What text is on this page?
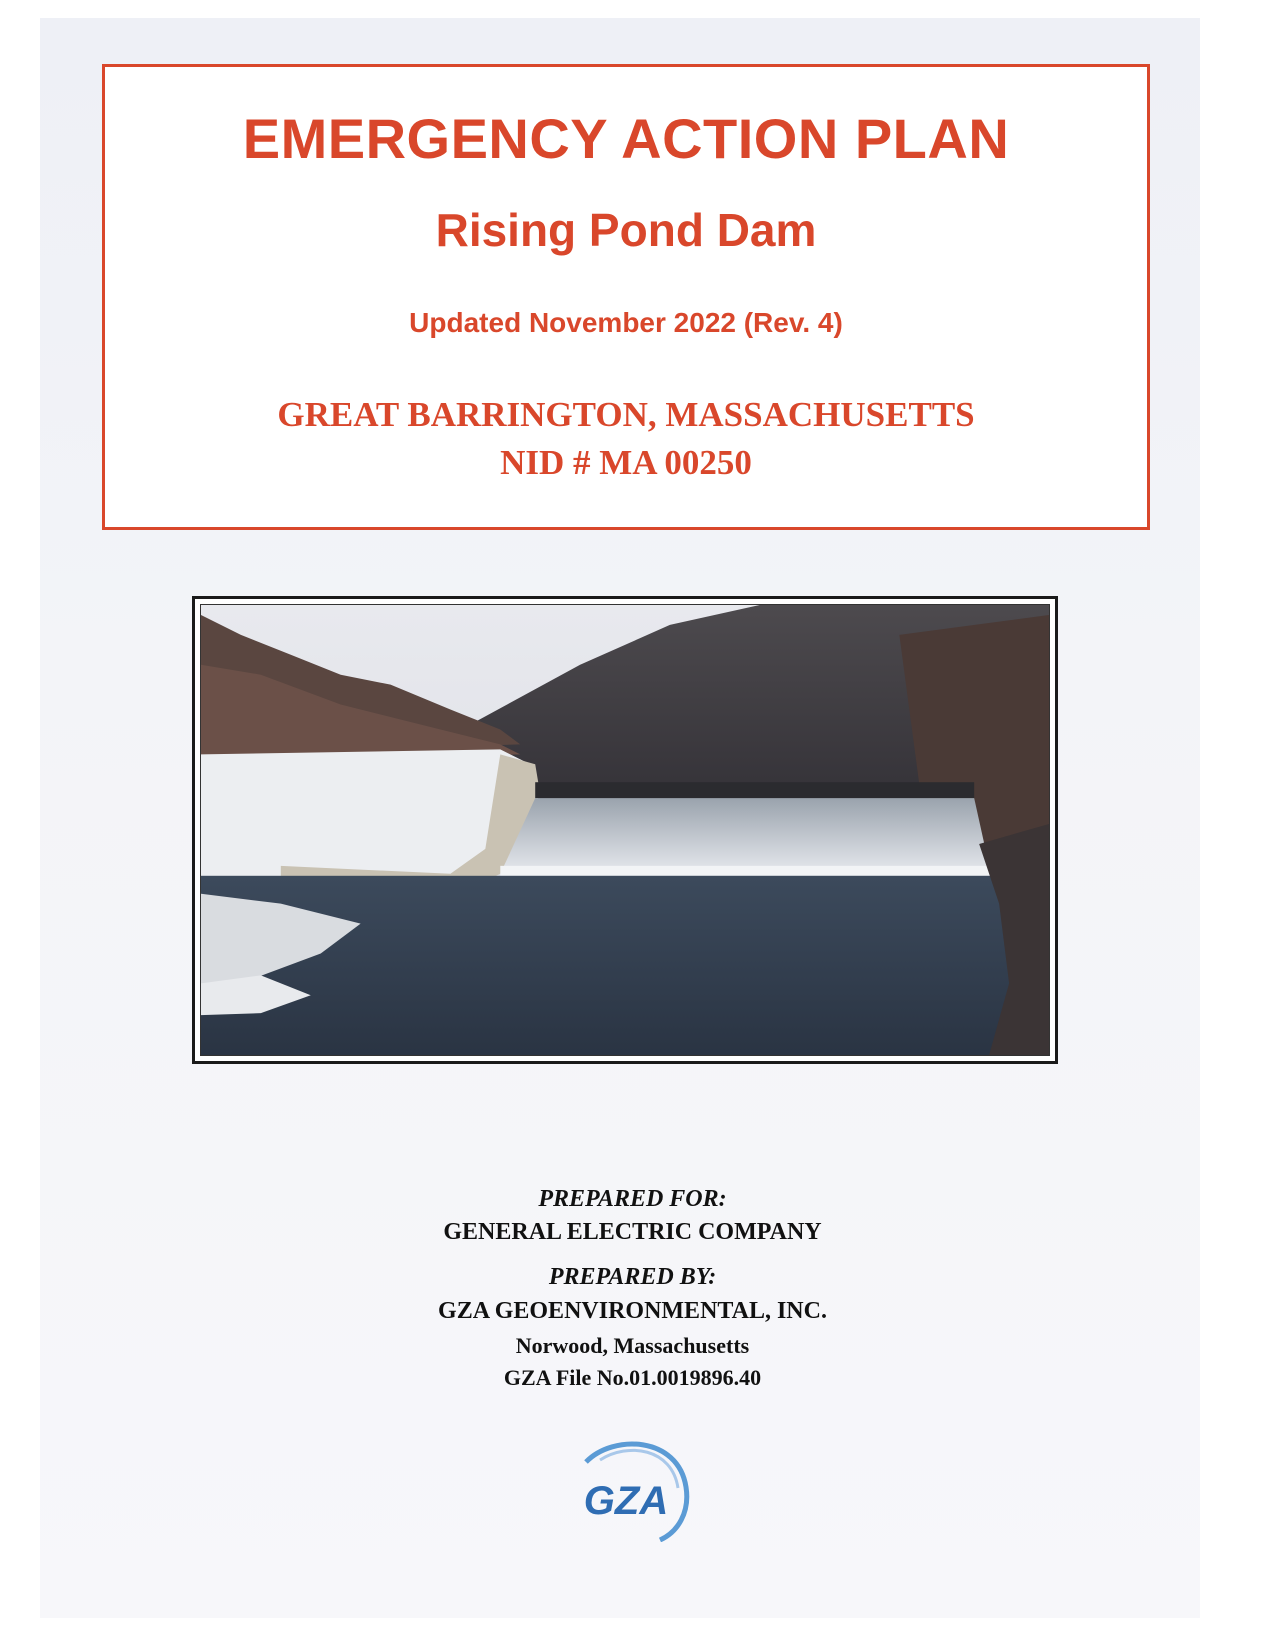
EMERGENCY ACTION PLAN
Rising Pond Dam
Updated November 2022 (Rev. 4)
GREAT BARRINGTON, MASSACHUSETTS
NID # MA 00250
PREPARED FOR:
GENERAL ELECTRIC COMPANY
PREPARED BY:
GZA GEOENVIRONMENTAL, INC.
Norwood, Massachusetts
GZA File No.01.0019896.40
GZA
